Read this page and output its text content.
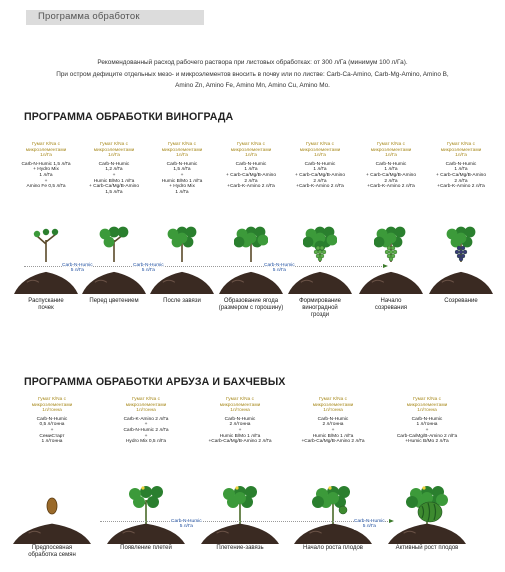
Программа обработок
Рекомендованный расход рабочего раствора при листовых обработках: от 300 л/Га (минимум 100 л/Га).
При остром дефиците отдельных мезо- и микроэлементов вносить в почву или по листве: Carb-Ca-Amino, Carb-Mg-Amino, Amino B,
Amino Zn, Amino Fe, Amino Mn, Amino Cu, Amino Mo.
ПРОГРАММА ОБРАБОТКИ ВИНОГРАДА
Гумат К/Na с
микроэлементами
1л/Га
Carb-N-Humic 1,5 л/Га
+ Hydro Mix
1 л/Га
+
Amino Fe 0,5 л/Га
Распускание
почек
Гумат К/Na с
микроэлементами
1л/Га
Carb-N-Humic
1,2 л/Га
+
Humic B/Mo 1 л/Га
+ Carb-Ca/Mg/B-Amino
1,5 л/Га
Перед цветением
Гумат К/Na с
микроэлементами
1л/Га
Carb-N-Humic
1,5 л/Га
+
Humic B/Mo 1 л/Га
+ Hydro Mix
1 л/Га
После завязи
Гумат К/Na с
микроэлементами
1л/Га
Carb-N-Humic
1 л/Га
+ Carb-Ca/Mg/B-Amino
2 л/Га
+Carb-K-Amino 2 л/Га
Образование ягода
(размером с горошину)
Гумат К/Na с
микроэлементами
1л/Га
Carb-N-Humic
1 л/Га
+ Carb-Ca/Mg/B-Amino
2 л/Га
+Carb-K-Amino 2 л/Га
Формирование
виноградной
грозди
Гумат К/Na с
микроэлементами
1л/Га
Carb-N-Humic
1 л/Га
+ Carb-Ca/Mg/B-Amino
2 л/Га
+Carb-K-Amino 2 л/Га
Начало
созревания
Гумат К/Na с
микроэлементами
1л/Га
Carb-N-Humic
1 л/Га
+ Carb-Ca/Mg/B-Amino
2 л/Га
+Carb-K-Amino 2 л/Га
Созревание
Carb-N-Humic
5 л/Га
Carb-N-Humic
5 л/Га
Carb-N-Humic
5 л/Га
ПРОГРАММА ОБРАБОТКИ АРБУЗА И БАХЧЕВЫХ
Гумат К/Na с
микроэлементами
1л/тонна
Carb-N-Humic
0,5 л/тонна
+
СемиСтарт
1 л/тонна
Предпосевная
обработка семян
Гумат К/Na с
микроэлементами
1л/тонна
Carb-K-Amino 2 л/Га
+
Carb-N-Humic 2 л/Га
+
Hydro Mix 0,5 л/Га
Появление плетей
Гумат К/Na с
микроэлементами
1л/тонна
Carb-N-Humic
2 л/тонна
+
Humic B/Mo 1 л/Га
+Carb-Ca/Mg/B-Amino 2 л/Га
Плетение-завязь
Гумат К/Na с
микроэлементами
1л/тонна
Carb-N-Humic
2 л/тонна
+
Humic B/Mo 1 л/Га
+Carb-Ca/Mg/B-Amino 2 л/Га
Начало роста плодов
Гумат К/Na с
микроэлементами
1л/тонна
Carb-N-Humic
1 л/тонна
+
Carb-Ca/Mg/B-Amino 2 л/Га
+Humic B/Mo 2 л/Га
Активный рост плодов
Carb-N-Humic
5 л/Га
Carb-N-Humic
5 л/Га
